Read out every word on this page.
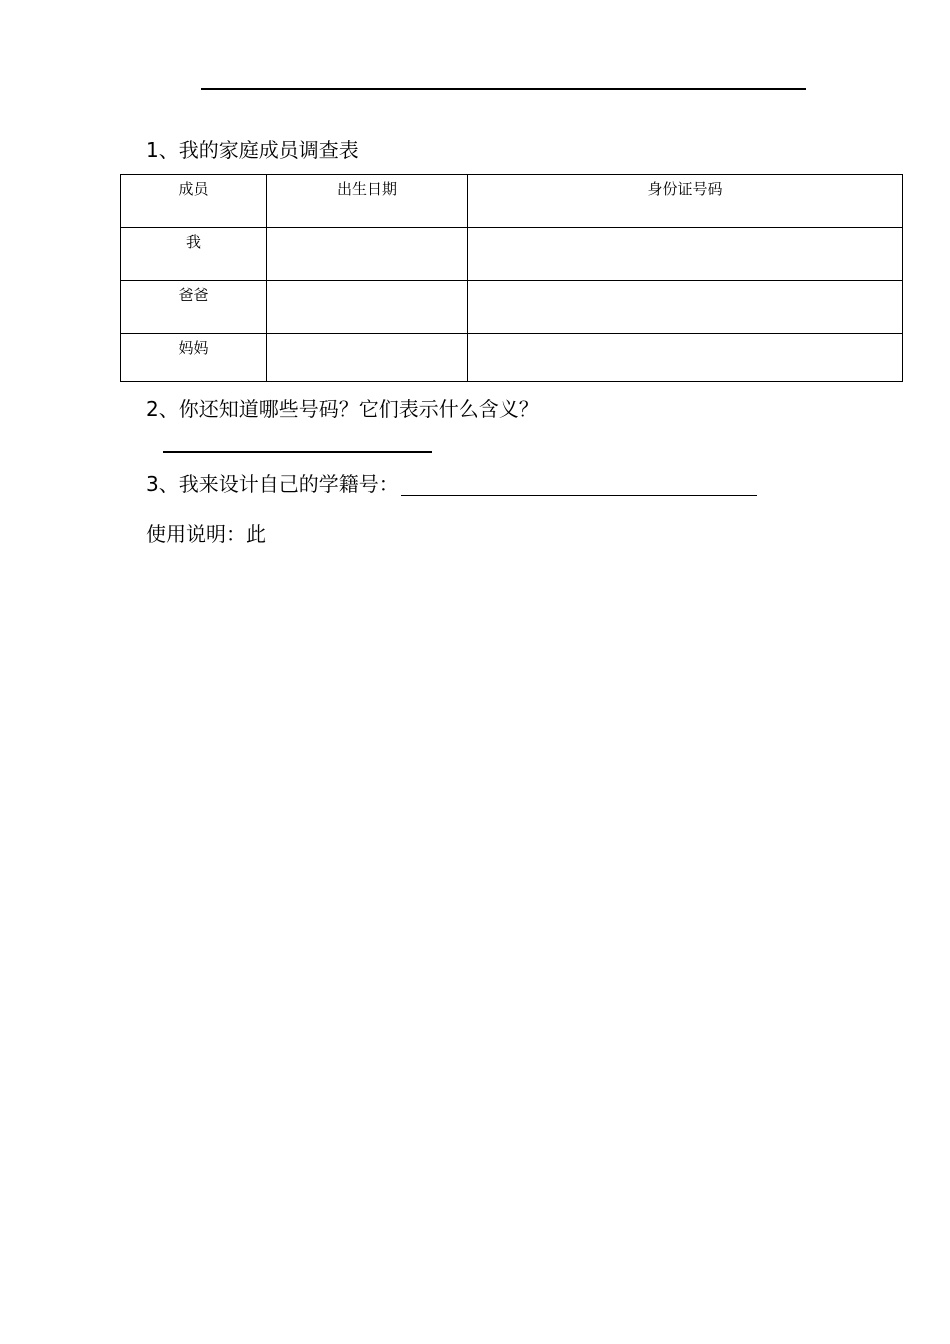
1、我的家庭成员调查表
成员	出生日期	身份证号码
我		
爸爸		
妈妈		
2、你还知道哪些号码？它们表示什么含义？
3、我来设计自己的学籍号：
使用说明：此
